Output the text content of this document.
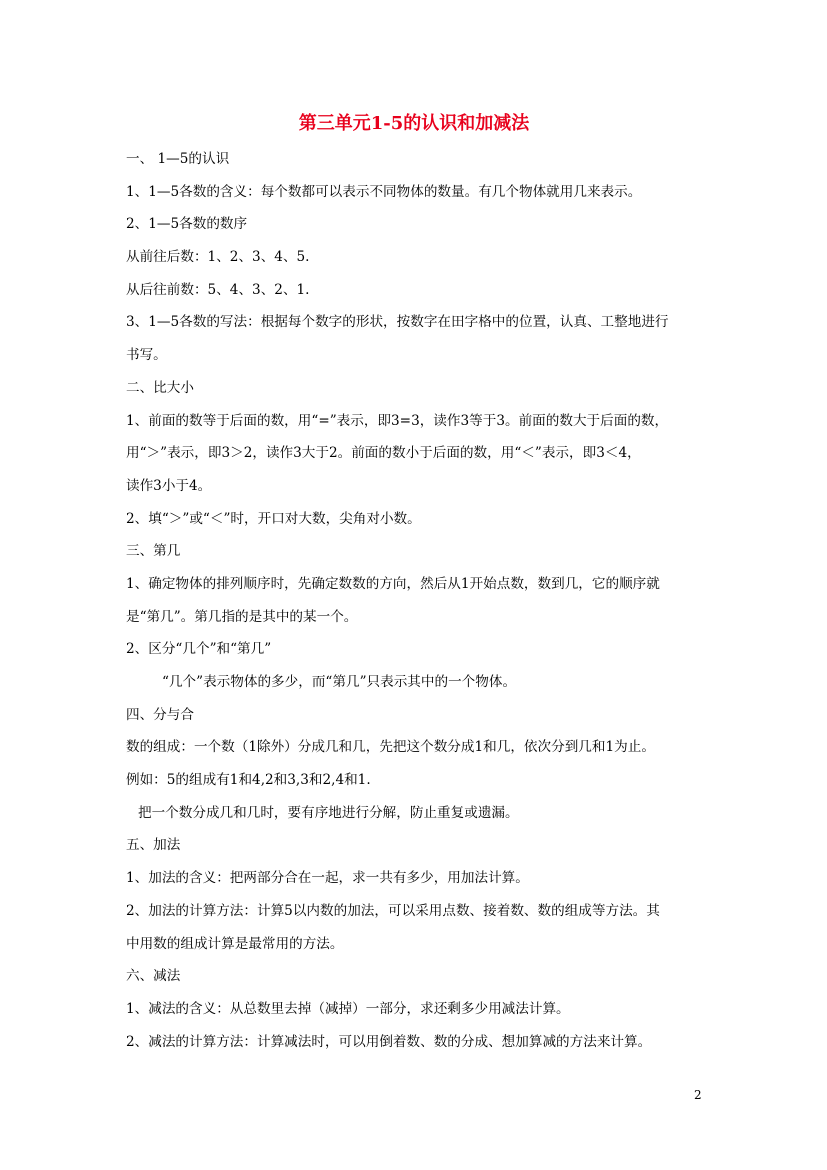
第三单元1-5的认识和加减法
一、 1—5的认识
1、1—5各数的含义：每个数都可以表示不同物体的数量。有几个物体就用几来表示。
2、1—5各数的数序
从前往后数：1、2、3、4、5.
从后往前数：5、4、3、2、1.
3、1—5各数的写法：根据每个数字的形状，按数字在田字格中的位置，认真、工整地进行
书写。
二、比大小
1、前面的数等于后面的数，用“=”表示，即3=3，读作3等于3。前面的数大于后面的数，
用“＞”表示，即3＞2，读作3大于2。前面的数小于后面的数，用“＜”表示，即3＜4，
读作3小于4。
2、填“＞”或“＜”时，开口对大数，尖角对小数。
三、第几
1、确定物体的排列顺序时，先确定数数的方向，然后从1开始点数，数到几，它的顺序就
是“第几”。第几指的是其中的某一个。
2、区分“几个”和“第几”
“几个”表示物体的多少，而“第几”只表示其中的一个物体。
四、分与合
数的组成：一个数（1除外）分成几和几，先把这个数分成1和几，依次分到几和1为止。
例如：5的组成有1和4,2和3,3和2,4和1.
把一个数分成几和几时，要有序地进行分解，防止重复或遗漏。
五、加法
1、加法的含义：把两部分合在一起，求一共有多少，用加法计算。
2、加法的计算方法：计算5以内数的加法，可以采用点数、接着数、数的组成等方法。其
中用数的组成计算是最常用的方法。
六、减法
1、减法的含义：从总数里去掉（减掉）一部分，求还剩多少用减法计算。
2、减法的计算方法：计算减法时，可以用倒着数、数的分成、想加算减的方法来计算。
2
